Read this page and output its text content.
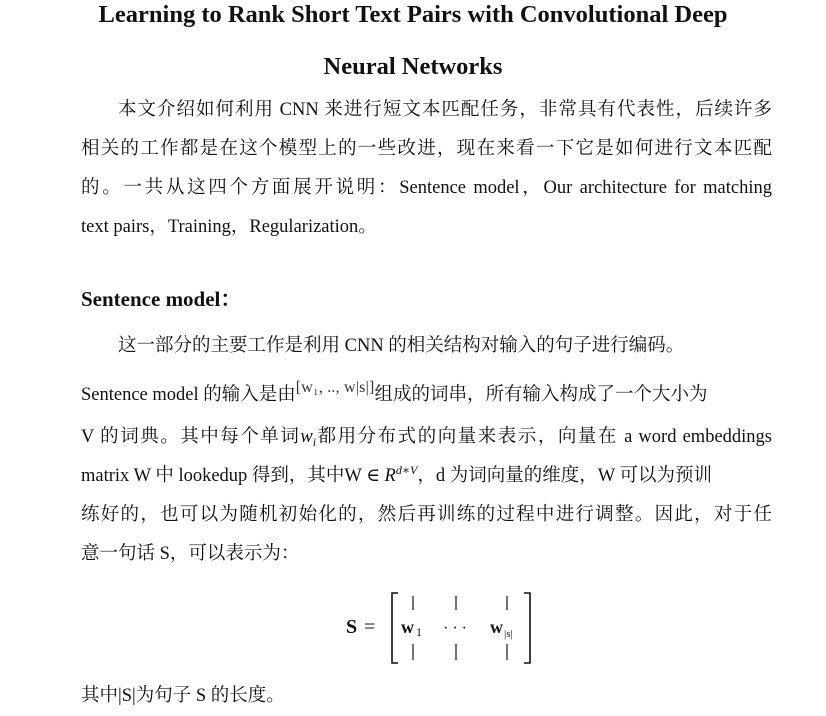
Learning to Rank Short Text Pairs with Convolutional Deep
Neural Networks
本文介绍如何利用 CNN 来进行短文本匹配任务，非常具有代表性，后续许多
相关的工作都是在这个模型上的一些改进，现在来看一下它是如何进行文本匹配
的。一共从这四个方面展开说明：Sentence model，Our architecture for matching
text pairs，Training，Regularization。
Sentence model：
这一部分的主要工作是利用 CNN 的相关结构对输入的句子进行编码。
Sentence model 的输入是由[w₁, .., w|s|]组成的词串，所有输入构成了一个大小为
V 的词典。其中每个单词$w_i$都用分布式的向量来表示，向量在 a word embeddings
matrix W 中 lookedup 得到，其中W ∈ $R^{d∗V}$，d 为词向量的维度，W 可以为预训
练好的，也可以为随机初始化的，然后再训练的过程中进行调整。因此，对于任
意一句话 S，可以表示为：
S = w 1 · · · w |s|
其中|S|为句子 S 的长度。
